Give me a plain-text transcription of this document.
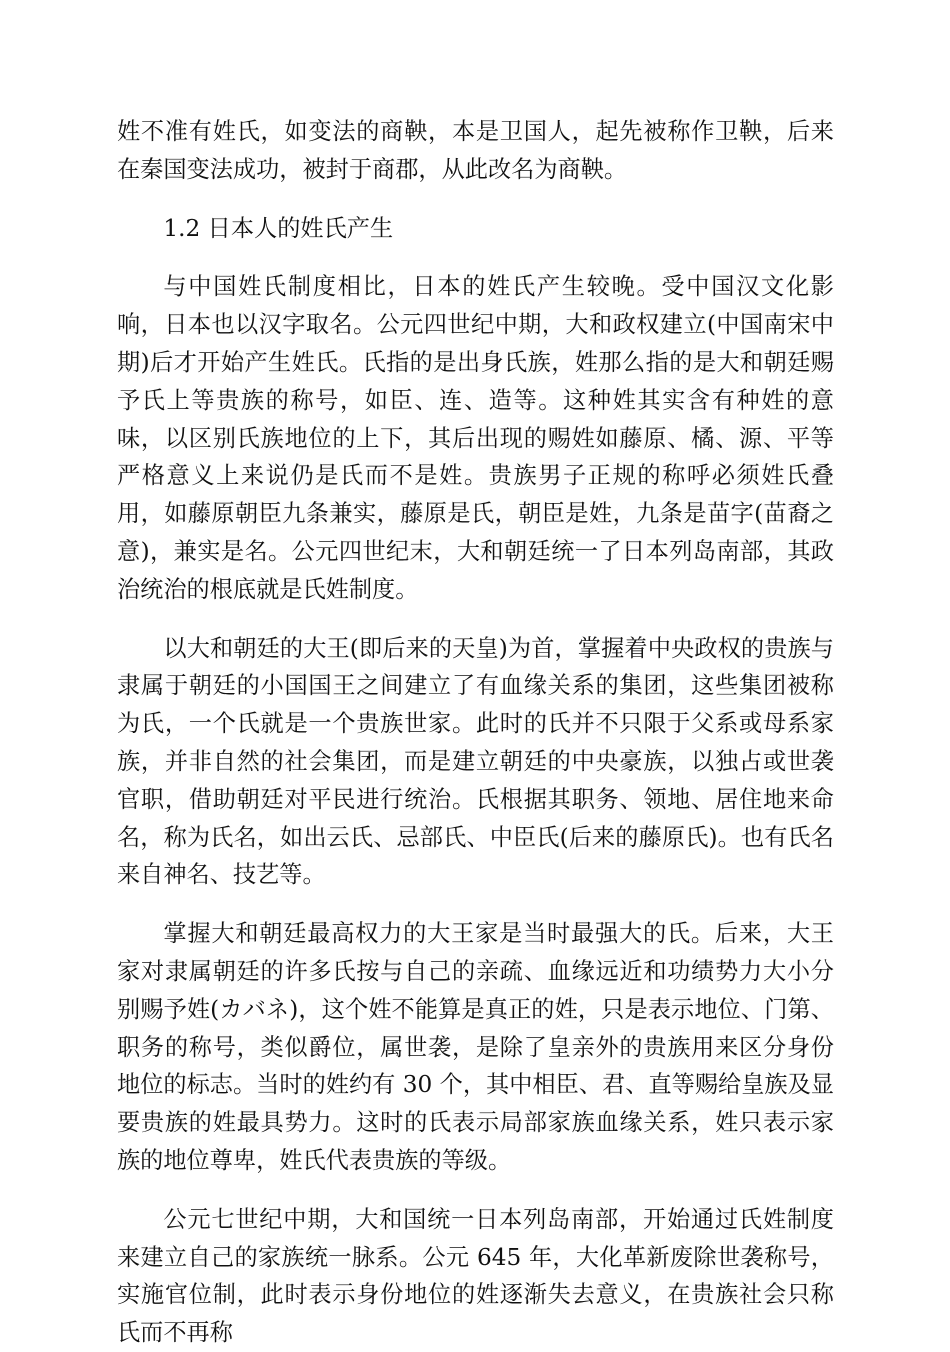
姓不准有姓氏，如变法的商鞅，本是卫国人，起先被称作卫鞅，后来在秦国变法成功，被封于商郡，从此改名为商鞅。

1.2 日本人的姓氏产生

与中国姓氏制度相比，日本的姓氏产生较晚。受中国汉文化影响，日本也以汉字取名。公元四世纪中期，大和政权建立(中国南宋中期)后才开始产生姓氏。氏指的是出身氏族，姓那么指的是大和朝廷赐予氏上等贵族的称号，如臣、连、造等。这种姓其实含有种姓的意味，以区别氏族地位的上下，其后出现的赐姓如藤原、橘、源、平等严格意义上来说仍是氏而不是姓。贵族男子正规的称呼必须姓氏叠用，如藤原朝臣九条兼实，藤原是氏，朝臣是姓，九条是苗字(苗裔之意)，兼实是名。公元四世纪末，大和朝廷统一了日本列岛南部，其政治统治的根底就是氏姓制度。

以大和朝廷的大王(即后来的天皇)为首，掌握着中央政权的贵族与隶属于朝廷的小国国王之间建立了有血缘关系的集团，这些集团被称为氏，一个氏就是一个贵族世家。此时的氏并不只限于父系或母系家族，并非自然的社会集团，而是建立朝廷的中央豪族，以独占或世袭官职，借助朝廷对平民进行统治。氏根据其职务、领地、居住地来命名，称为氏名，如出云氏、忌部氏、中臣氏(后来的藤原氏)。也有氏名来自神名、技艺等。

掌握大和朝廷最高权力的大王家是当时最强大的氏。后来，大王家对隶属朝廷的许多氏按与自己的亲疏、血缘远近和功绩势力大小分别赐予姓(カバネ)，这个姓不能算是真正的姓，只是表示地位、门第、职务的称号，类似爵位，属世袭，是除了皇亲外的贵族用来区分身份地位的标志。当时的姓约有 30 个，其中相臣、君、直等赐给皇族及显要贵族的姓最具势力。这时的氏表示局部家族血缘关系，姓只表示家族的地位尊卑，姓氏代表贵族的等级。

公元七世纪中期，大和国统一日本列岛南部，开始通过氏姓制度来建立自己的家族统一脉系。公元 645 年，大化革新废除世袭称号，实施官位制，此时表示身份地位的姓逐渐失去意义，在贵族社会只称氏而不再称
